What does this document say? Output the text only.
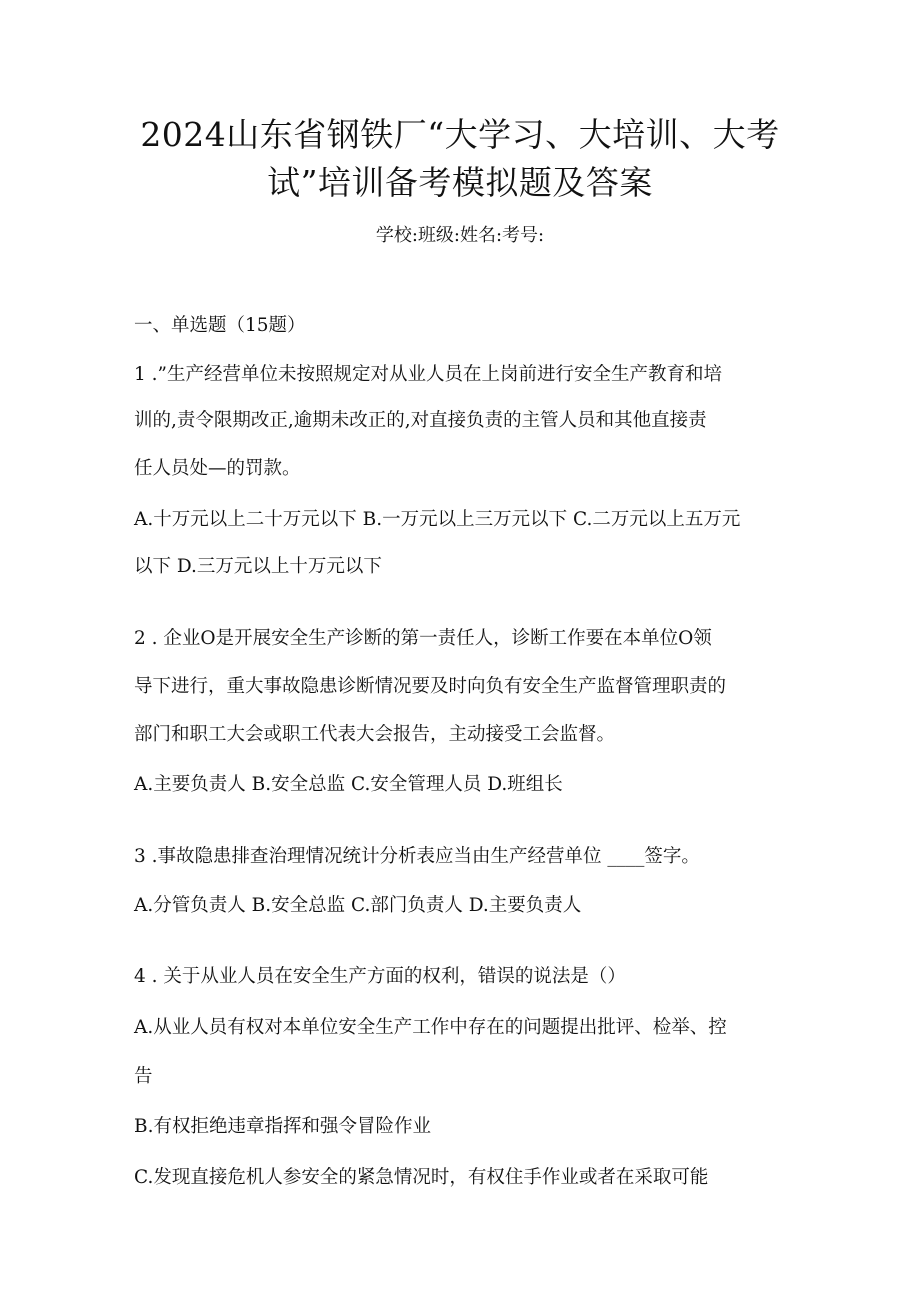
2024山东省钢铁厂“大学习、大培训、大考
试”培训备考模拟题及答案
学校:班级:姓名:考号:
一、单选题（15题）
1 .”生产经营单位未按照规定对从业人员在上岗前进行安全生产教育和培
训的,责令限期改正,逾期未改正的,对直接负责的主管人员和其他直接责
任人员处—的罚款。
A.十万元以上二十万元以下 B.一万元以上三万元以下 C.二万元以上五万元
以下 D.三万元以上十万元以下
2 . 企业O是开展安全生产诊断的第一责任人，诊断工作要在本单位O领
导下进行，重大事故隐患诊断情况要及时向负有安全生产监督管理职责的
部门和职工大会或职工代表大会报告，主动接受工会监督。
A.主要负责人 B.安全总监 C.安全管理人员 D.班组长
3 .事故隐患排查治理情况统计分析表应当由生产经营单位 ____签字。
A.分管负责人 B.安全总监 C.部门负责人 D.主要负责人
4 . 关于从业人员在安全生产方面的权利，错误的说法是（）
A.从业人员有权对本单位安全生产工作中存在的问题提出批评、检举、控
告
B.有权拒绝违章指挥和强令冒险作业
C.发现直接危机人参安全的紧急情况时，有权住手作业或者在采取可能
